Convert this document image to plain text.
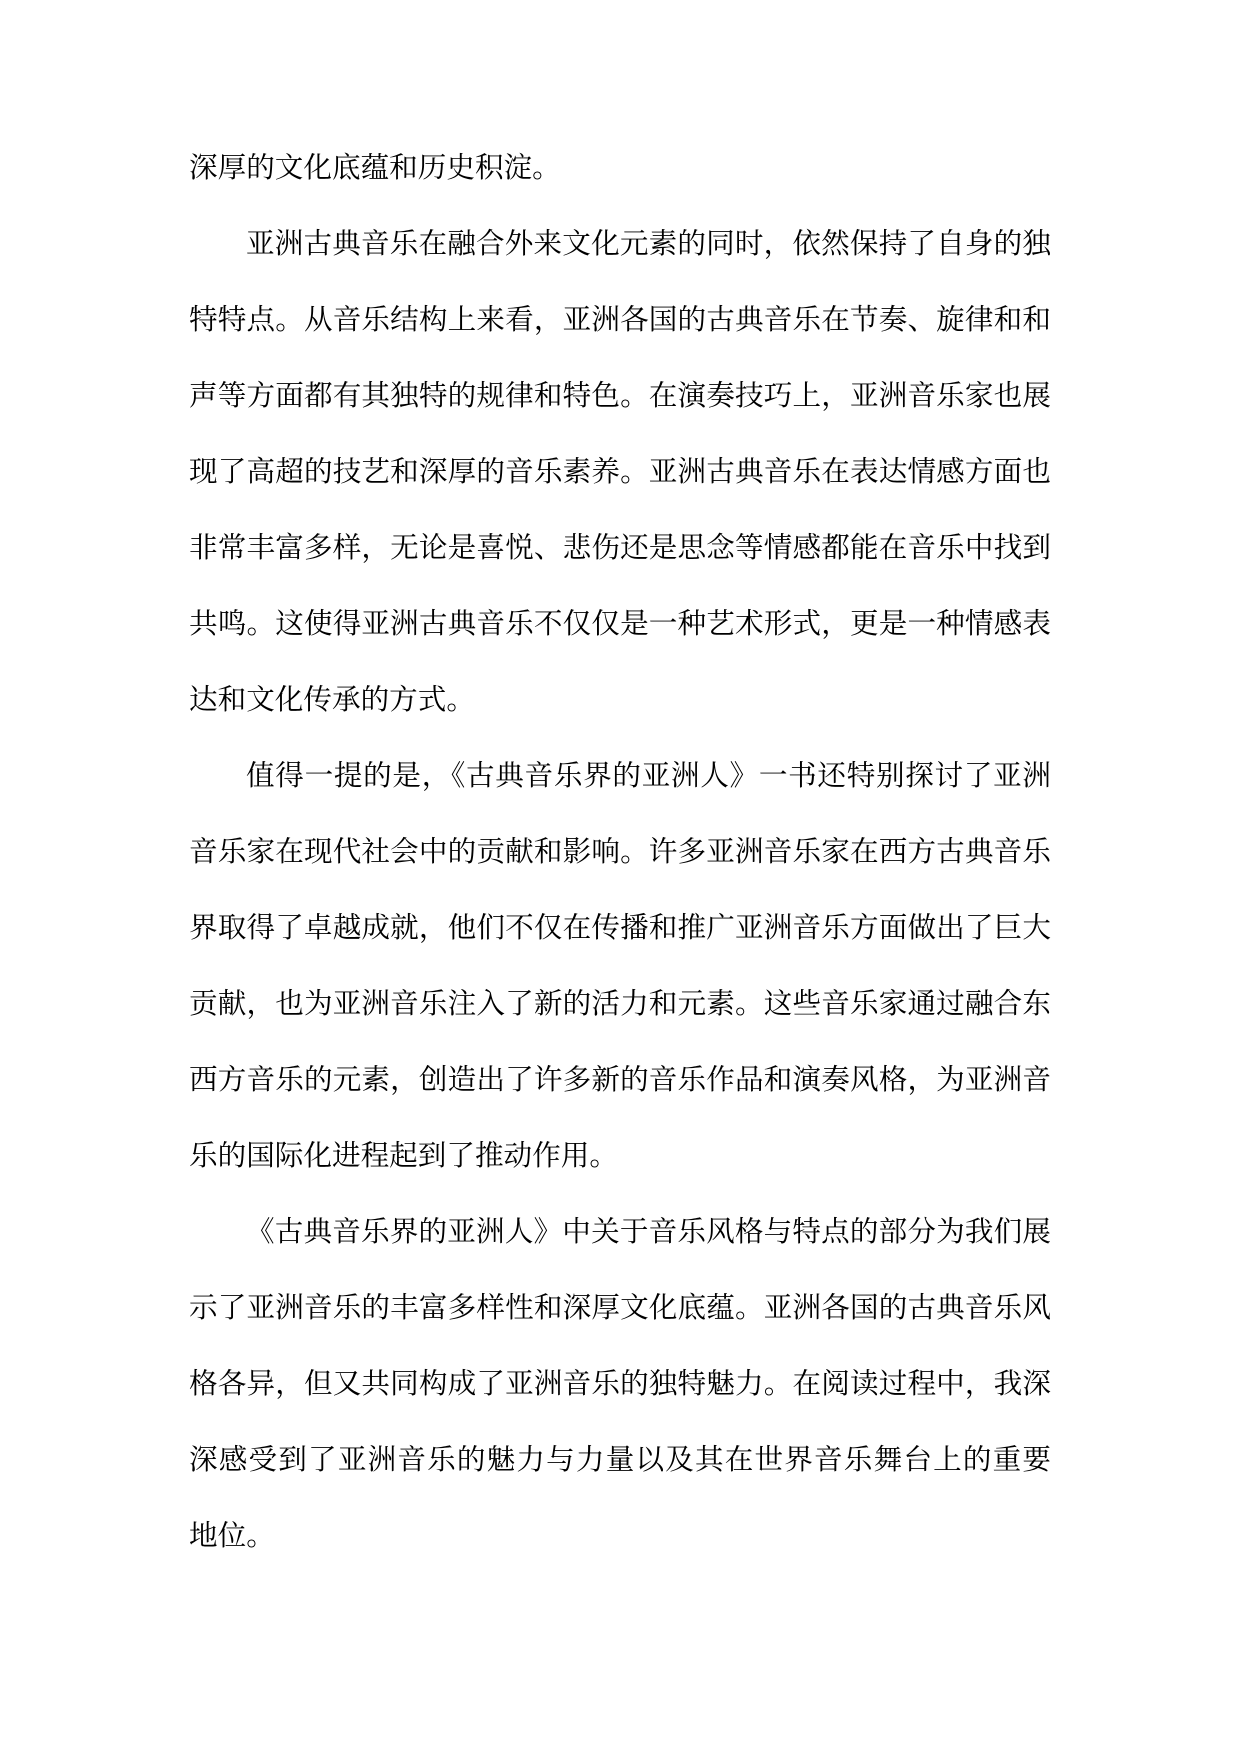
深厚的文化底蕴和历史积淀。
亚洲古典音乐在融合外来文化元素的同时，依然保持了自身的独
特特点。从音乐结构上来看，亚洲各国的古典音乐在节奏、旋律和和
声等方面都有其独特的规律和特色。在演奏技巧上，亚洲音乐家也展
现了高超的技艺和深厚的音乐素养。亚洲古典音乐在表达情感方面也
非常丰富多样，无论是喜悦、悲伤还是思念等情感都能在音乐中找到
共鸣。这使得亚洲古典音乐不仅仅是一种艺术形式，更是一种情感表
达和文化传承的方式。
值得一提的是，《古典音乐界的亚洲人》一书还特别探讨了亚洲
音乐家在现代社会中的贡献和影响。许多亚洲音乐家在西方古典音乐
界取得了卓越成就，他们不仅在传播和推广亚洲音乐方面做出了巨大
贡献，也为亚洲音乐注入了新的活力和元素。这些音乐家通过融合东
西方音乐的元素，创造出了许多新的音乐作品和演奏风格，为亚洲音
乐的国际化进程起到了推动作用。
《古典音乐界的亚洲人》中关于音乐风格与特点的部分为我们展
示了亚洲音乐的丰富多样性和深厚文化底蕴。亚洲各国的古典音乐风
格各异，但又共同构成了亚洲音乐的独特魅力。在阅读过程中，我深
深感受到了亚洲音乐的魅力与力量以及其在世界音乐舞台上的重要
地位。
